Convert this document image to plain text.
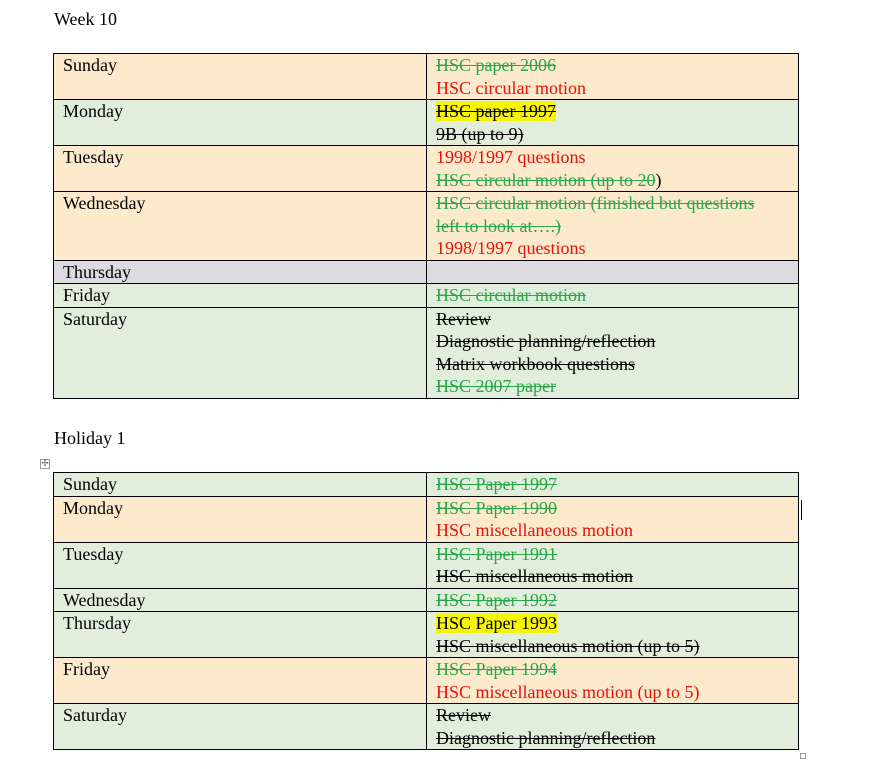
Week 10
Sunday	HSC paper 2006
HSC circular motion

Monday	HSC paper 1997
9B (up to 9)

Tuesday	1998/1997 questions
HSC circular motion (up to 20)

Wednesday	HSC circular motion (finished but questions
left to look at….)
1998/1997 questions

Thursday	

Friday	HSC circular motion

Saturday	Review
Diagnostic planning/reflection
Matrix workbook questions
HSC 2007 paper
Holiday 1
✢
Sunday	HSC Paper 1997

Monday	HSC Paper 1990
HSC miscellaneous motion

Tuesday	HSC Paper 1991
HSC miscellaneous motion

Wednesday	HSC Paper 1992

Thursday	HSC Paper 1993
HSC miscellaneous motion (up to 5)

Friday	HSC Paper 1994
HSC miscellaneous motion (up to 5)

Saturday	Review
Diagnostic planning/reflection
